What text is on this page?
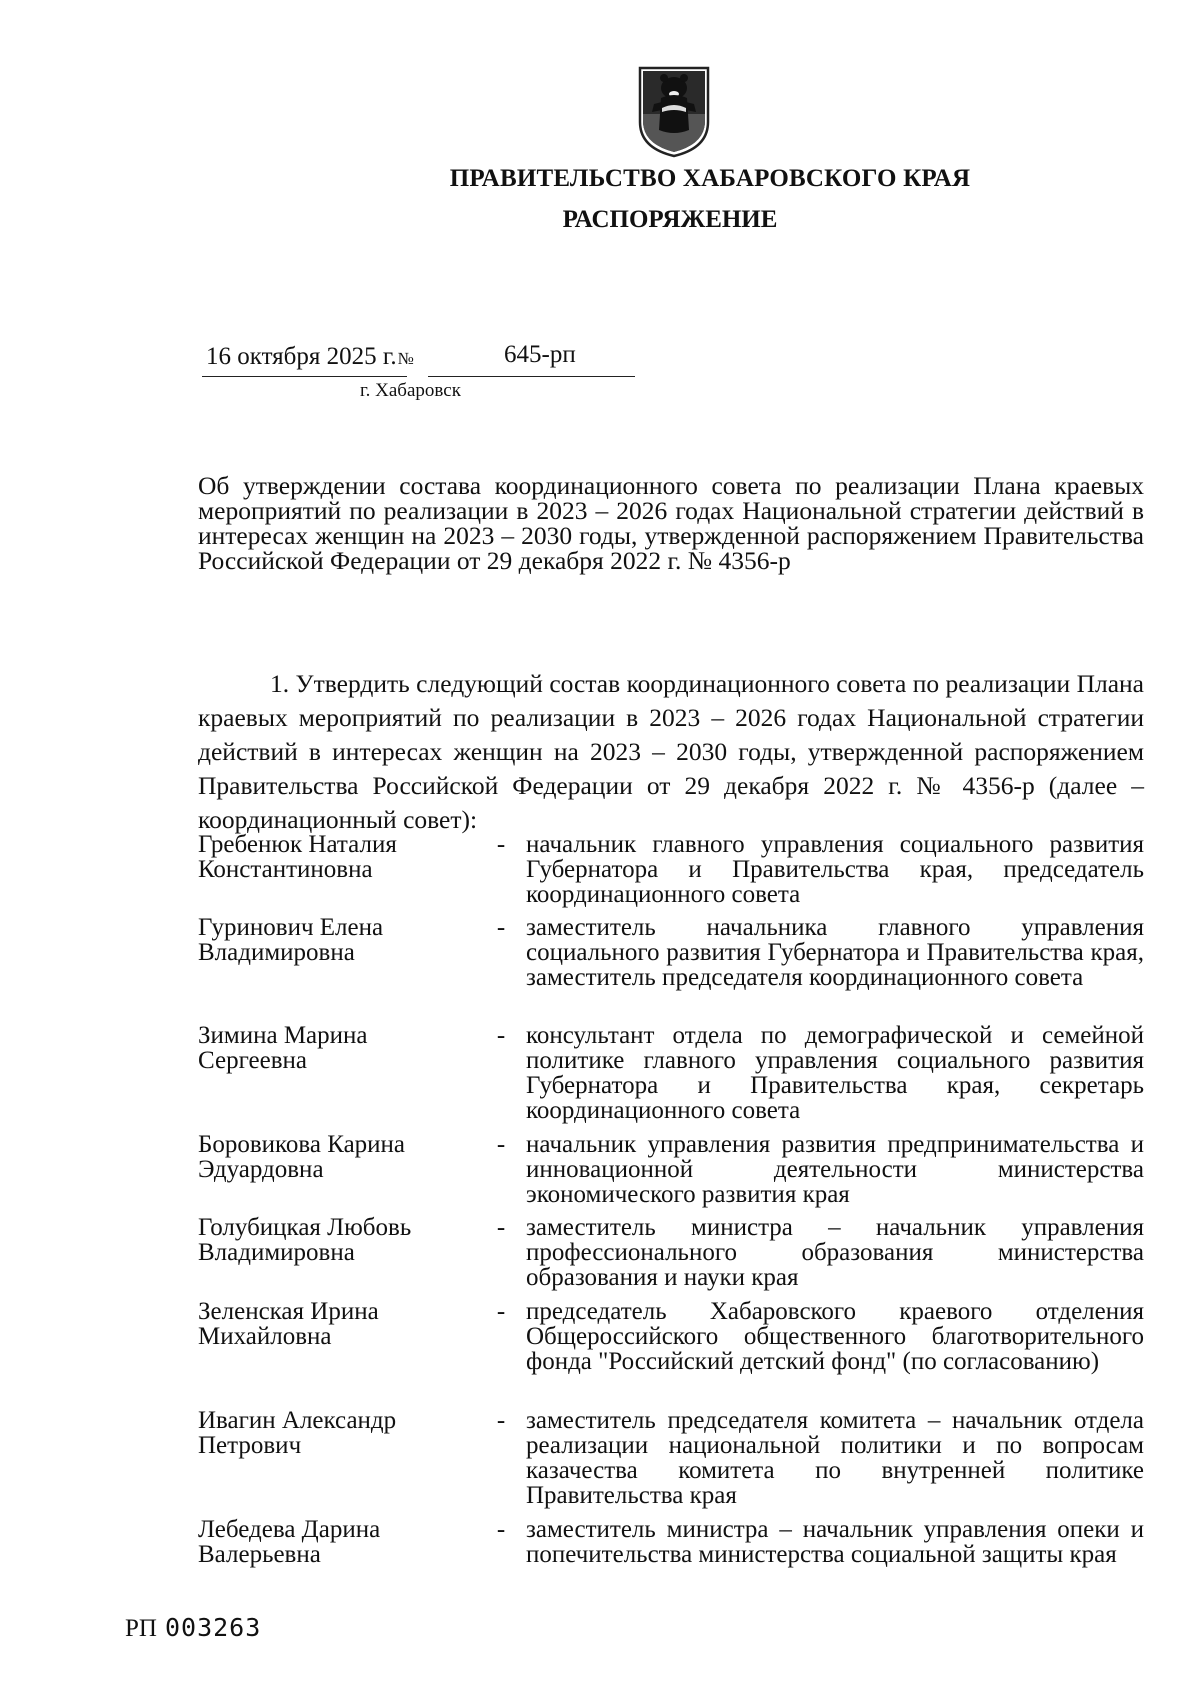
ПРАВИТЕЛЬСТВО ХАБАРОВСКОГО КРАЯ
РАСПОРЯЖЕНИЕ
16 октября 2025 г.№	645-рп
г. Хабаровск
Об утверждении состава координационного совета по реализации Плана краевых мероприятий по реализации в 2023 – 2026 годах Национальной стратегии действий в интересах женщин на 2023 – 2030 годы, утвержденной распоряжением Правительства Российской Федерации от 29 декабря 2022 г. № 4356-р
1. Утвердить следующий состав координационного совета по реализации Плана краевых мероприятий по реализации в 2023 – 2026 годах Национальной стратегии действий в интересах женщин на 2023 – 2030 годы, утвержденной распоряжением Правительства Российской Федерации от 29 декабря 2022 г. № 4356-р (далее – координационный совет):
Гребенюк Наталия Константиновна
- начальник главного управления социального развития Губернатора и Правительства края, председатель координационного совета
Гуринович Елена Владимировна
- заместитель начальника главного управления социального развития Губернатора и Правительства края, заместитель председателя координационного совета
Зимина Марина Сергеевна
- консультант отдела по демографической и семейной политике главного управления социального развития Губернатора и Правительства края, секретарь координационного совета
Боровикова Карина Эдуардовна
- начальник управления развития предпринимательства и инновационной деятельности министерства экономического развития края
Голубицкая Любовь Владимировна
- заместитель министра – начальник управления профессионального образования министерства образования и науки края
Зеленская Ирина Михайловна
- председатель Хабаровского краевого отделения Общероссийского общественного благотворительного фонда "Российский детский фонд" (по согласованию)
Ивагин Александр Петрович
- заместитель председателя комитета – начальник отдела реализации национальной политики и по вопросам казачества комитета по внутренней политике Правительства края
Лебедева Дарина Валерьевна
- заместитель министра – начальник управления опеки и попечительства министерства социальной защиты края
РП 003263
